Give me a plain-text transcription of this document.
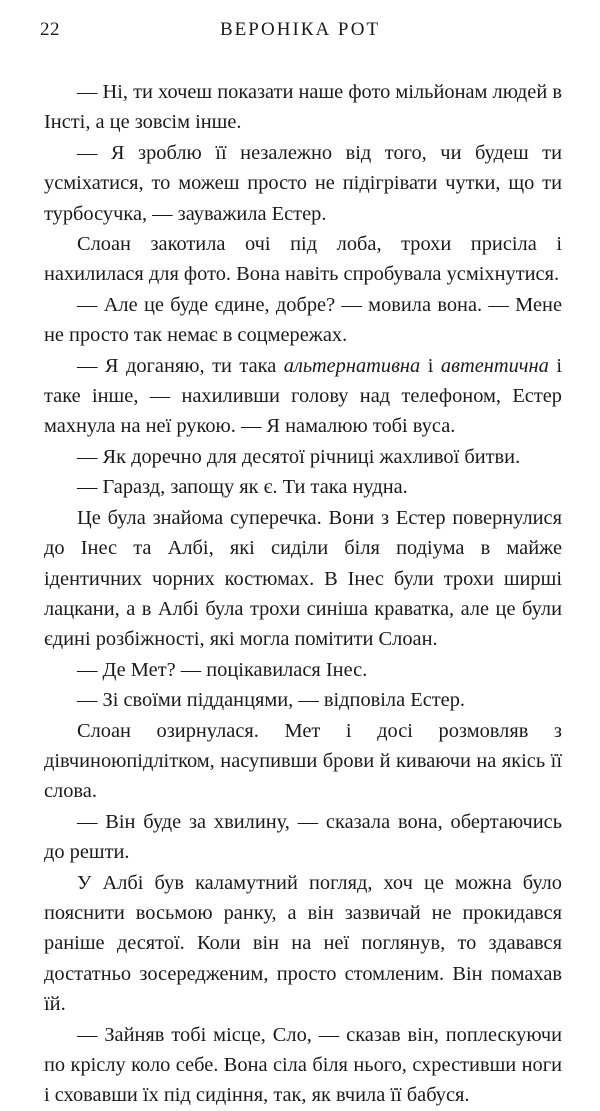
22	ВЕРОНІКА РОТ

— Ні, ти хочеш показати наше фото мільйонам людей в Інсті, а це зовсім інше.

— Я зроблю її незалежно від того, чи будеш ти усміхатися, то можеш просто не підігрівати чутки, що ти турбосучка, — зауважила Естер.

Слоан закотила очі під лоба, трохи присіла і нахилилася для фото. Вона навіть спробувала усміхнутися.

— Але це буде єдине, добре? — мовила вона. — Мене не просто так немає в соцмережах.

— Я доганяю, ти така альтернативна і автентична і таке інше, — нахиливши голову над телефоном, Естер махнула на неї рукою. — Я намалюю тобі вуса.

— Як доречно для десятої річниці жахливої битви.

— Гаразд, запощу як є. Ти така нудна.

Це була знайома суперечка. Вони з Естер повернулися до Інес та Албі, які сиділи біля подіума в майже ідентичних чорних костюмах. В Інес були трохи ширші лацкани, а в Албі була трохи синіша краватка, але це були єдині розбіжності, які могла помітити Слоан.

— Де Мет? — поцікавилася Інес.

— Зі своїми підданцями, — відповіла Естер.

Слоан озирнулася. Мет і досі розмовляв з дівчиноюпідлітком, насупивши брови й киваючи на якісь її слова.

— Він буде за хвилину, — сказала вона, обертаючись до решти.

У Албі був каламутний погляд, хоч це можна було пояснити восьмою ранку, а він зазвичай не прокидався раніше десятої. Коли він на неї поглянув, то здавався достатньо зосередженим, просто стомленим. Він помахав їй.

— Зайняв тобі місце, Сло, — сказав він, поплескуючи по кріслу коло себе. Вона сіла біля нього, схрестивши ноги і сховавши їх під сидіння, так, як вчила її бабуся.
